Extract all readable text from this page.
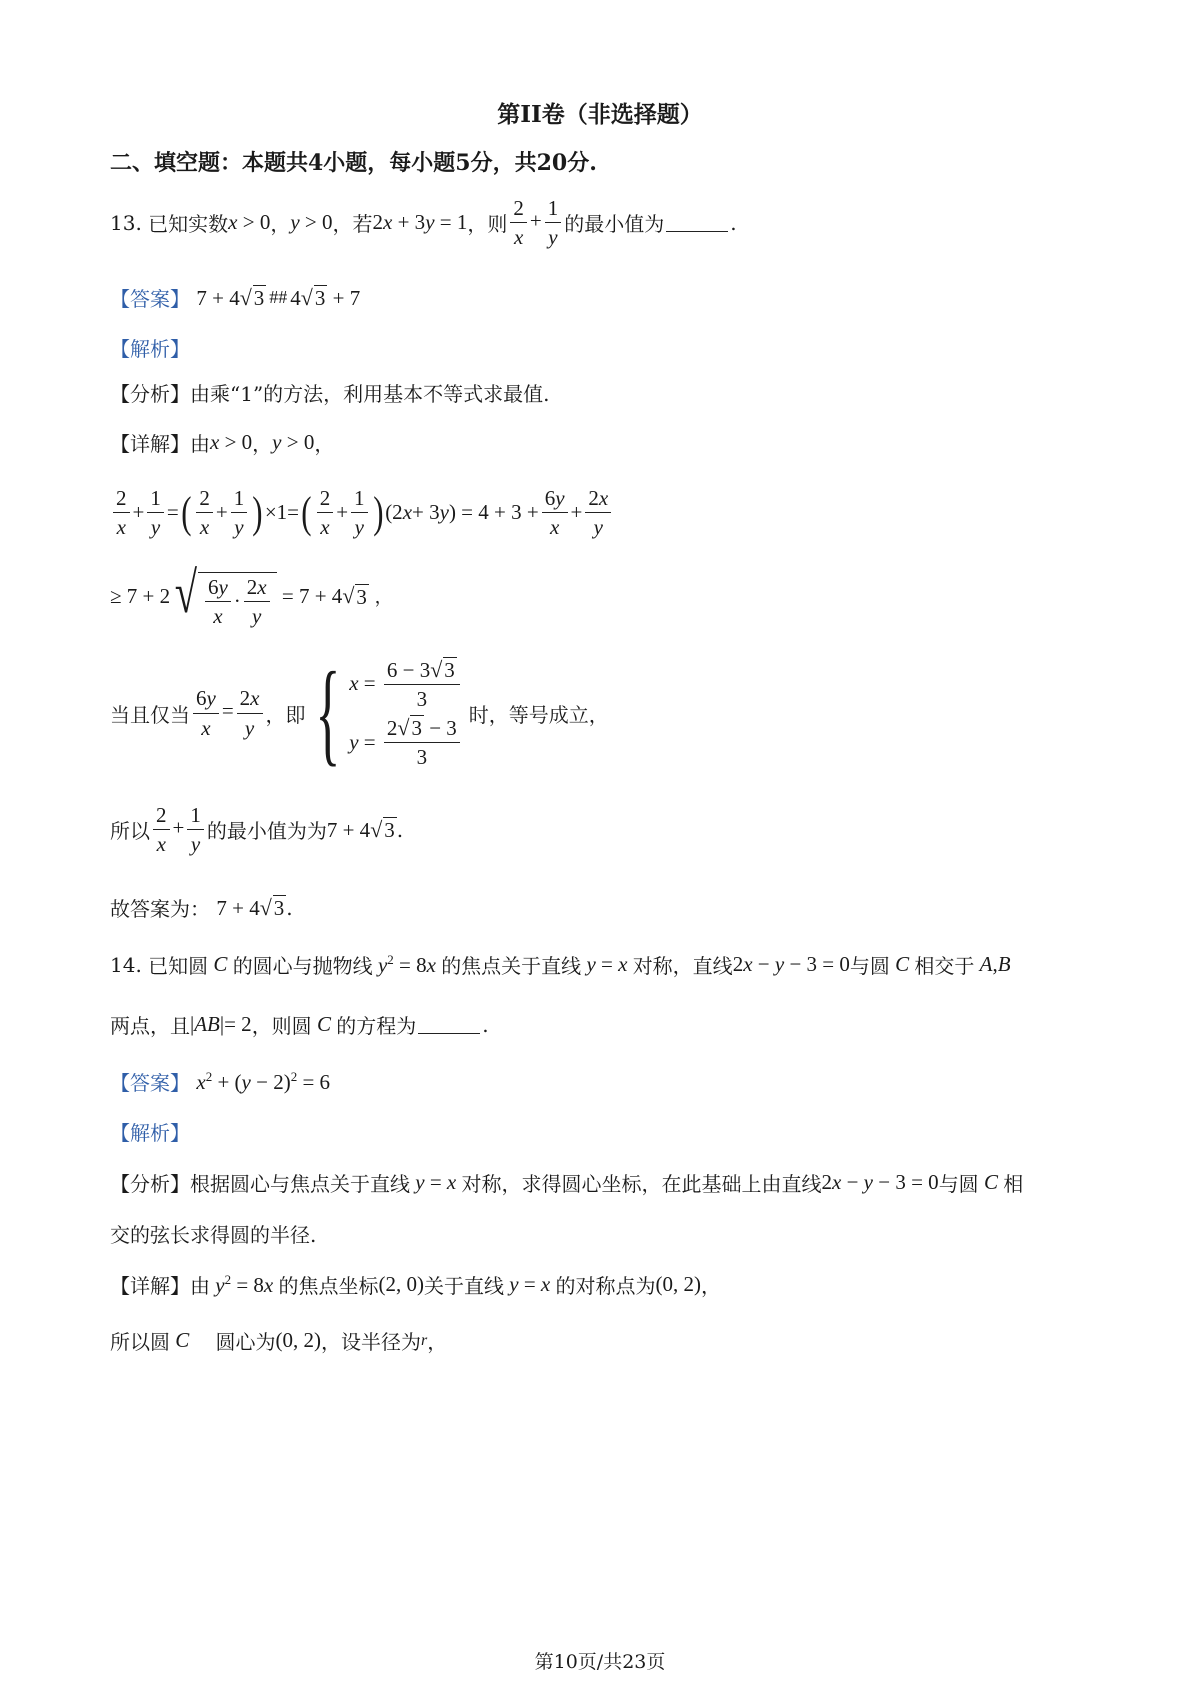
第II卷（非选择题）
二、填空题：本题共4小题，每小题5分，共20分.
13.
已知实数 x > 0 ， y > 0 ，若 2x + 3y = 1 ，则 $\frac{2}{x} + \frac{1}{y}$ 的最小值为	.
【答案】
7 + 4√3 ## 4√3 + 7
【解析】
【分析】由乘“1”的方法，利用基本不等式求最值.
【详解】由 x > 0 ， y > 0 ，
$\frac{2}{x} + \frac{1}{y}$ = ( $\frac{2}{x} + \frac{1}{y}$ ) ×1= ( $\frac{2}{x} + \frac{1}{y}$ ) (2 x + 3 y ) = $4 + 3 + \frac{6y}{x} + \frac{2x}{y}$
≥ 7 + 2 √ $\frac{6y}{x} \cdot \frac{2x}{y} = 7 + 4$ √ 3 ，
当且仅当 $\frac{6y}{x} = \frac{2x}{y}$ ，即 { $x = \frac{6 - 3√3}{3}$
$y = \frac{2√3 - 3}{3}$
时，等号成立，
所以 $\frac{2}{x} + \frac{1}{y}$ 的最小值为为 7 + 4√3 .
故答案为：
7 + 4√3 .
14.
已知圆 C 的圆心与抛物线 $y^2 = 8x$ 的焦点关于直线 y = x 对称，直线 2x − y − 3 = 0 与圆 C 相交于 A , B
两点，且 |AB|= 2 ，则圆 C 的方程为	.
【答案】
$x^2 + (y - 2)^2 = 6$
【解析】
【分析】根据圆心与焦点关于直线 y = x 对称，求得圆心坐标，在此基础上由直线 2x − y − 3 = 0 与圆 C 相
交的弦长求得圆的半径.
【详解】由 $y^2 = 8x$ 的焦点坐标 (2, 0) 关于直线 y = x 的对称点为 (0, 2) ，
所以圆 C 圆心为 (0, 2) ，设半径为 r ，
第10页/共23页
